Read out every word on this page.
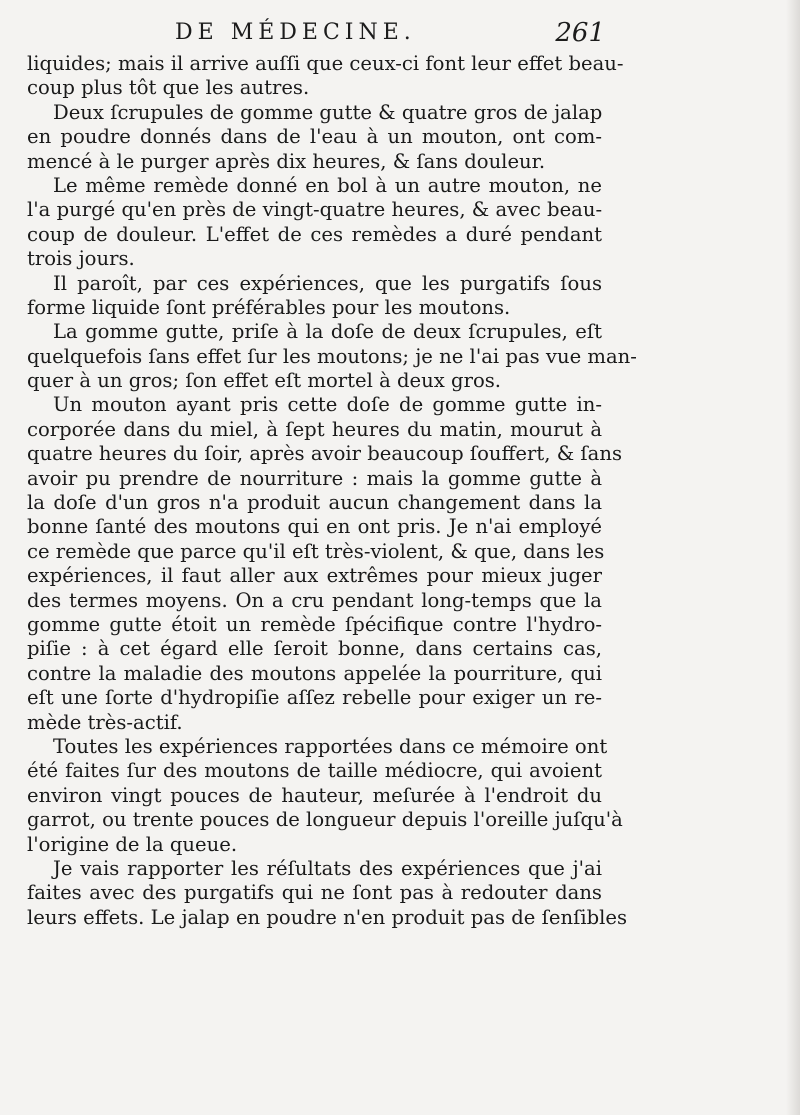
DE MÉDECINE.	261
liquides; mais il arrive auſſi que ceux-ci font leur effet beau-
coup plus tôt que les autres.
Deux ſcrupules de gomme gutte & quatre gros de jalap
en poudre donnés dans de l'eau à un mouton, ont com-
mencé à le purger après dix heures, & ſans douleur.
Le même remède donné en bol à un autre mouton, ne
l'a purgé qu'en près de vingt-quatre heures, & avec beau-
coup de douleur. L'effet de ces remèdes a duré pendant
trois jours.
Il paroît, par ces expériences, que les purgatifs ſous
forme liquide ſont préférables pour les moutons.
La gomme gutte, priſe à la doſe de deux ſcrupules, eſt
quelquefois ſans effet ſur les moutons; je ne l'ai pas vue man-
quer à un gros; ſon effet eſt mortel à deux gros.
Un mouton ayant pris cette doſe de gomme gutte in-
corporée dans du miel, à ſept heures du matin, mourut à
quatre heures du ſoir, après avoir beaucoup ſouffert, & ſans
avoir pu prendre de nourriture : mais la gomme gutte à
la doſe d'un gros n'a produit aucun changement dans la
bonne ſanté des moutons qui en ont pris. Je n'ai employé
ce remède que parce qu'il eſt très-violent, & que, dans les
expériences, il faut aller aux extrêmes pour mieux juger
des termes moyens. On a cru pendant long-temps que la
gomme gutte étoit un remède ſpécifique contre l'hydro-
piſie : à cet égard elle ſeroit bonne, dans certains cas,
contre la maladie des moutons appelée la pourriture, qui
eſt une ſorte d'hydropiſie aſſez rebelle pour exiger un re-
mède très-actif.
Toutes les expériences rapportées dans ce mémoire ont
été faites ſur des moutons de taille médiocre, qui avoient
environ vingt pouces de hauteur, meſurée à l'endroit du
garrot, ou trente pouces de longueur depuis l'oreille juſqu'à
l'origine de la queue.
Je vais rapporter les réſultats des expériences que j'ai
faites avec des purgatifs qui ne ſont pas à redouter dans
leurs effets. Le jalap en poudre n'en produit pas de ſenſibles
